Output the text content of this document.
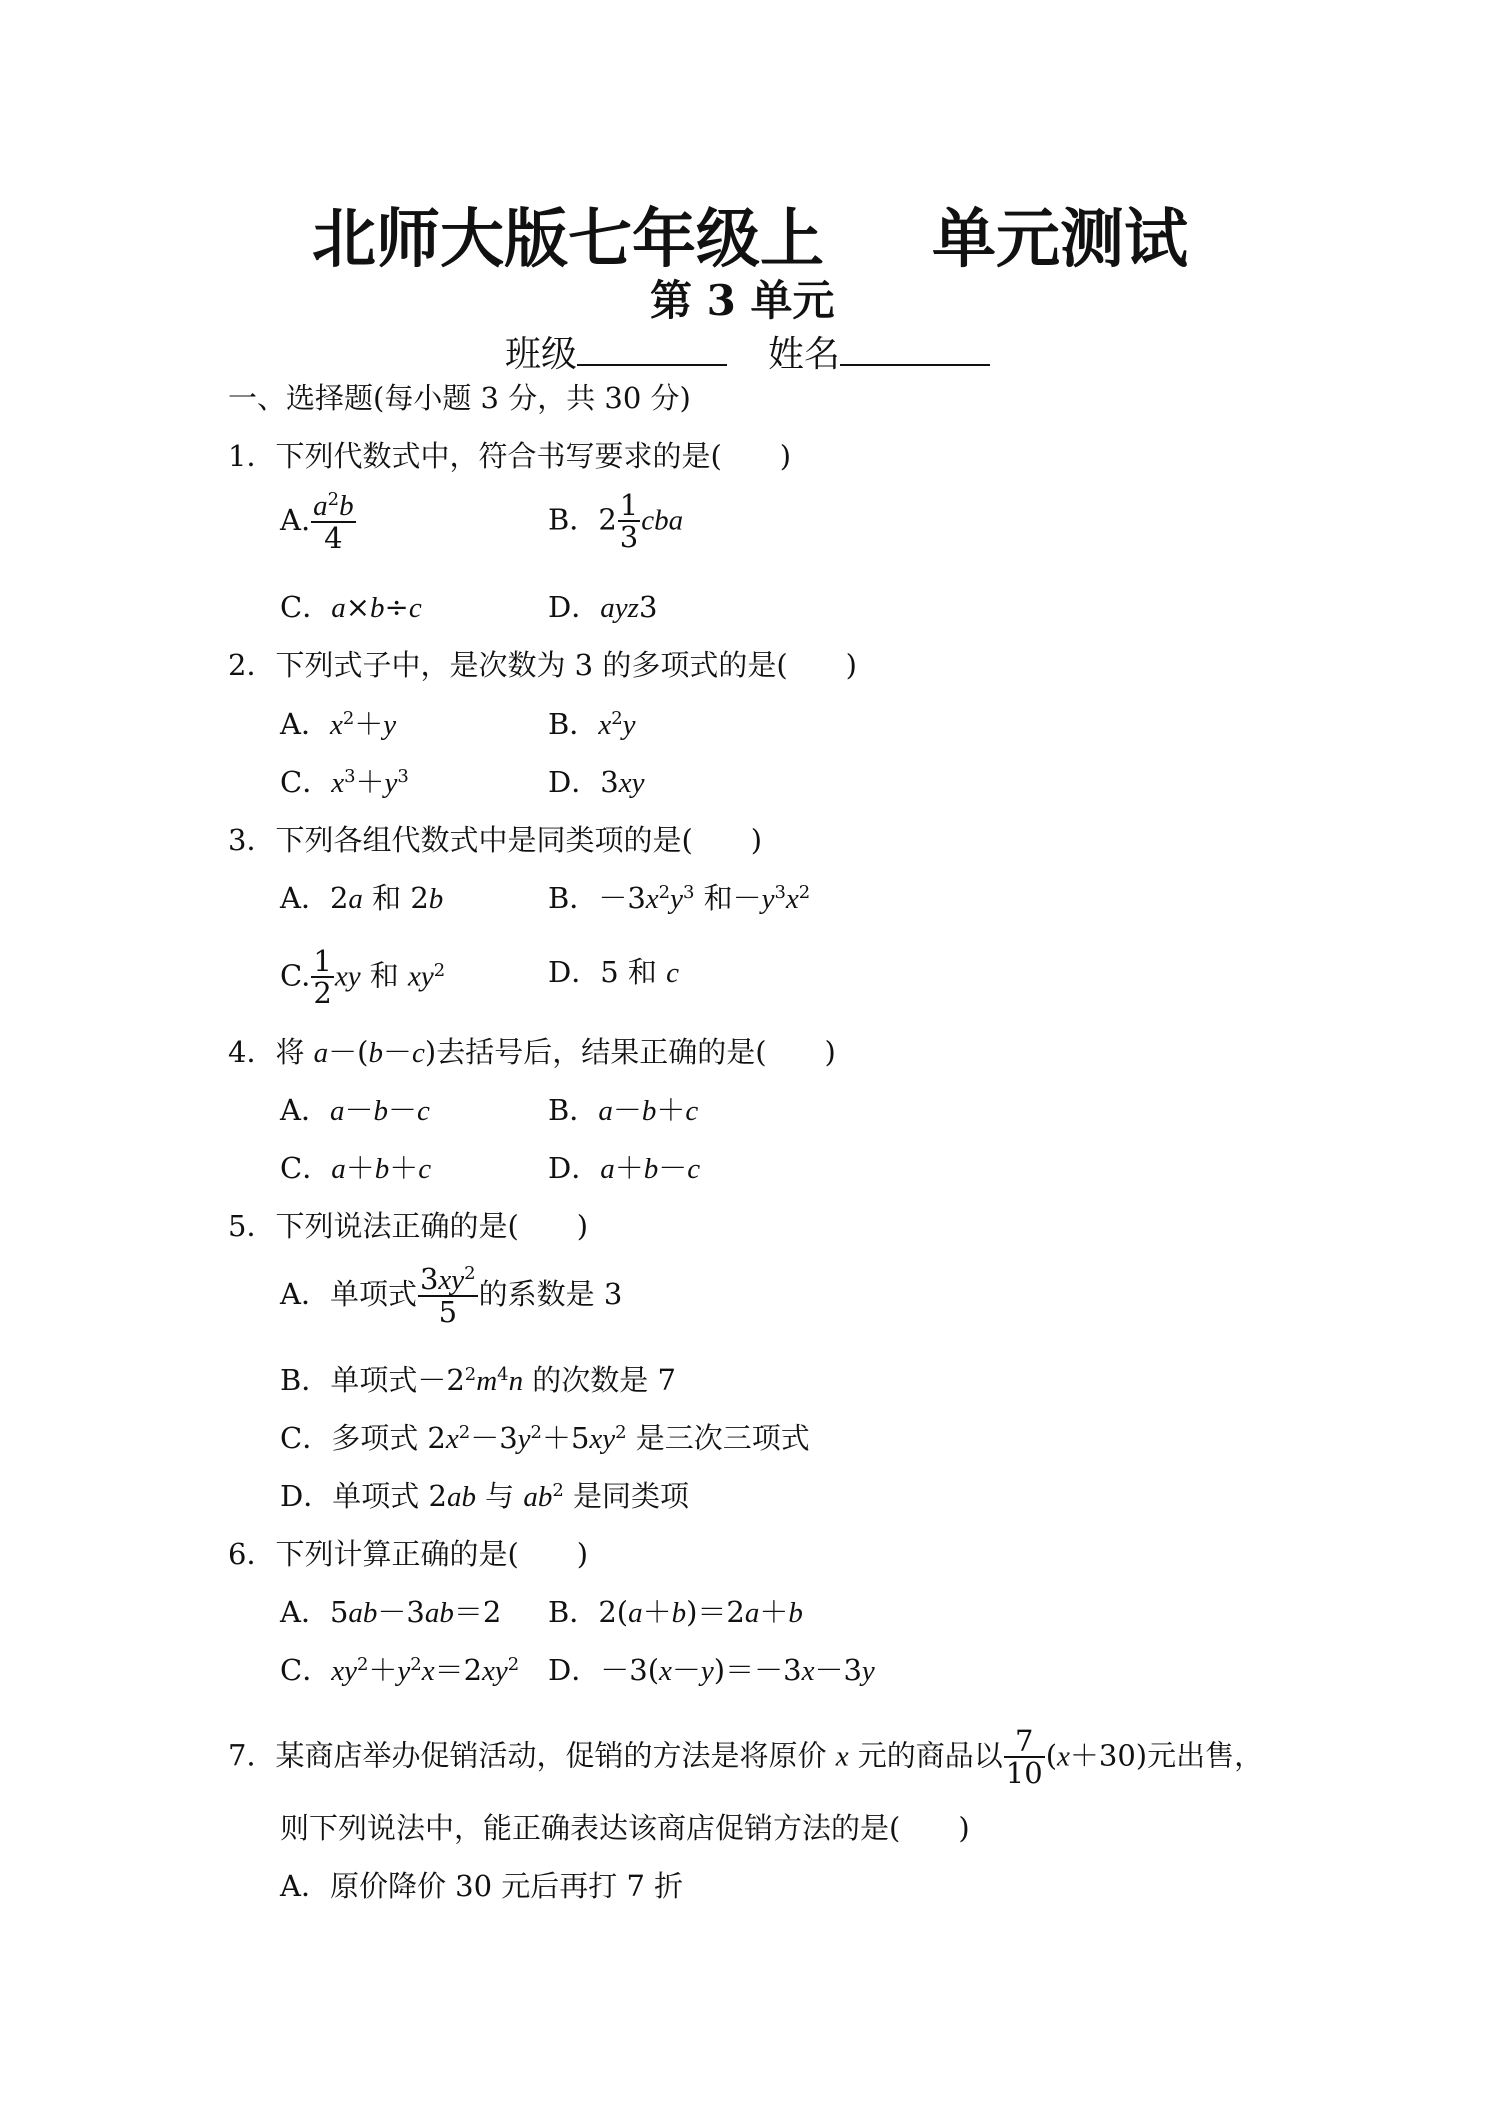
北师大版七年级上 单元测试
第 3 单元
班级	姓名
一、选择题(每小题 3 分，共 30 分)
1．下列代数式中，符合书写要求的是(　　)
A. $\frac{a^2b}{4}$	B．$2 \frac{1}{3}$ cba
C．a×b÷c	D．ayz3
2．下列式子中，是次数为 3 的多项式的是(　　)
A．$x^2+y$	B．$x^2y$
C．$x^3+y^3$	D．3xy
3．下列各组代数式中是同类项的是(　　)
A．2a 和 2b	B．$-3x^2y^3$ 和$-y^3x^2$
C. $\frac{1}{2}$ xy 和 $xy^2$	D．5 和 c
4．将 a－(b－c)去括号后，结果正确的是(　　)
A．a－b－c	B．a－b＋c
C．a＋b＋c	D．a＋b－c
5．下列说法正确的是(　　)
A．单项式 $\frac{3xy^2}{5}$ 的系数是 3
B．单项式$-2^2m^4n$ 的次数是 7
C．多项式 $2x^2-3y^2+5xy^2$ 是三次三项式
D．单项式 2ab 与 $ab^2$ 是同类项
6．下列计算正确的是(　　)
A．5ab－3ab＝2 B．2(a＋b)＝2a＋b
C．$xy^2+y^2x=2xy^2$ D．－3(x－y)＝－3x－3y
7．某商店举办促销活动，促销的方法是将原价 x 元的商品以 $\frac{7}{10} (x+30)$元出售，
则下列说法中，能正确表达该商店促销方法的是(　　)
A．原价降价 30 元后再打 7 折
